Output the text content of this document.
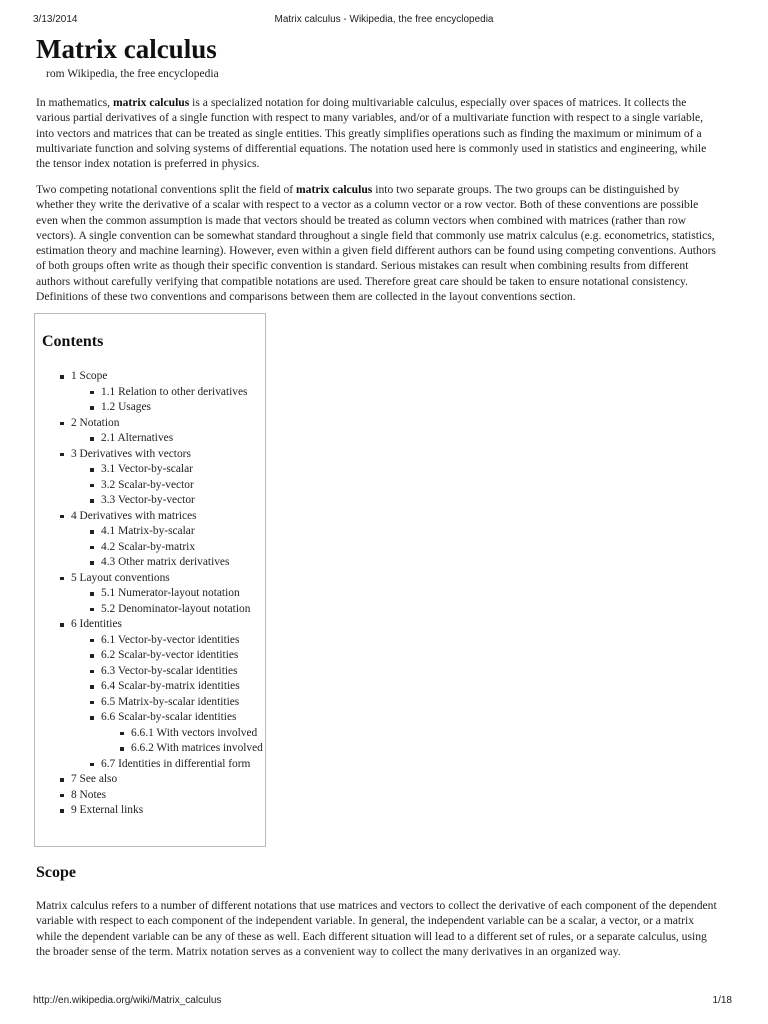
3/13/2014	Matrix calculus - Wikipedia, the free encyclopedia
Matrix calculus
rom Wikipedia, the free encyclopedia

In mathematics, matrix calculus is a specialized notation for doing multivariable calculus, especially over spaces of matrices. It collects the various partial derivatives of a single function with respect to many variables, and/or of a multivariate function with respect to a single variable, into vectors and matrices that can be treated as single entities. This greatly simplifies operations such as finding the maximum or minimum of a multivariate function and solving systems of differential equations. The notation used here is commonly used in statistics and engineering, while the tensor index notation is preferred in physics.

Two competing notational conventions split the field of matrix calculus into two separate groups. The two groups can be distinguished by whether they write the derivative of a scalar with respect to a vector as a column vector or a row vector. Both of these conventions are possible even when the common assumption is made that vectors should be treated as column vectors when combined with matrices (rather than row vectors). A single convention can be somewhat standard throughout a single field that commonly use matrix calculus (e.g. econometrics, statistics, estimation theory and machine learning). However, even within a given field different authors can be found using competing conventions. Authors of both groups often write as though their specific convention is standard. Serious mistakes can result when combining results from different authors without carefully verifying that compatible notations are used. Therefore great care should be taken to ensure notational consistency. Definitions of these two conventions and comparisons between them are collected in the layout conventions section.

Contents
1 Scope
1.1 Relation to other derivatives
1.2 Usages
2 Notation
2.1 Alternatives
3 Derivatives with vectors
3.1 Vector-by-scalar
3.2 Scalar-by-vector
3.3 Vector-by-vector
4 Derivatives with matrices
4.1 Matrix-by-scalar
4.2 Scalar-by-matrix
4.3 Other matrix derivatives
5 Layout conventions
5.1 Numerator-layout notation
5.2 Denominator-layout notation
6 Identities
6.1 Vector-by-vector identities
6.2 Scalar-by-vector identities
6.3 Vector-by-scalar identities
6.4 Scalar-by-matrix identities
6.5 Matrix-by-scalar identities
6.6 Scalar-by-scalar identities
6.6.1 With vectors involved
6.6.2 With matrices involved
6.7 Identities in differential form
7 See also
8 Notes
9 External links
Scope

Matrix calculus refers to a number of different notations that use matrices and vectors to collect the derivative of each component of the dependent variable with respect to each component of the independent variable. In general, the independent variable can be a scalar, a vector, or a matrix while the dependent variable can be any of these as well. Each different situation will lead to a different set of rules, or a separate calculus, using the broader sense of the term. Matrix notation serves as a convenient way to collect the many derivatives in an organized way.

http://en.wikipedia.org/wiki/Matrix_calculus	1/18
